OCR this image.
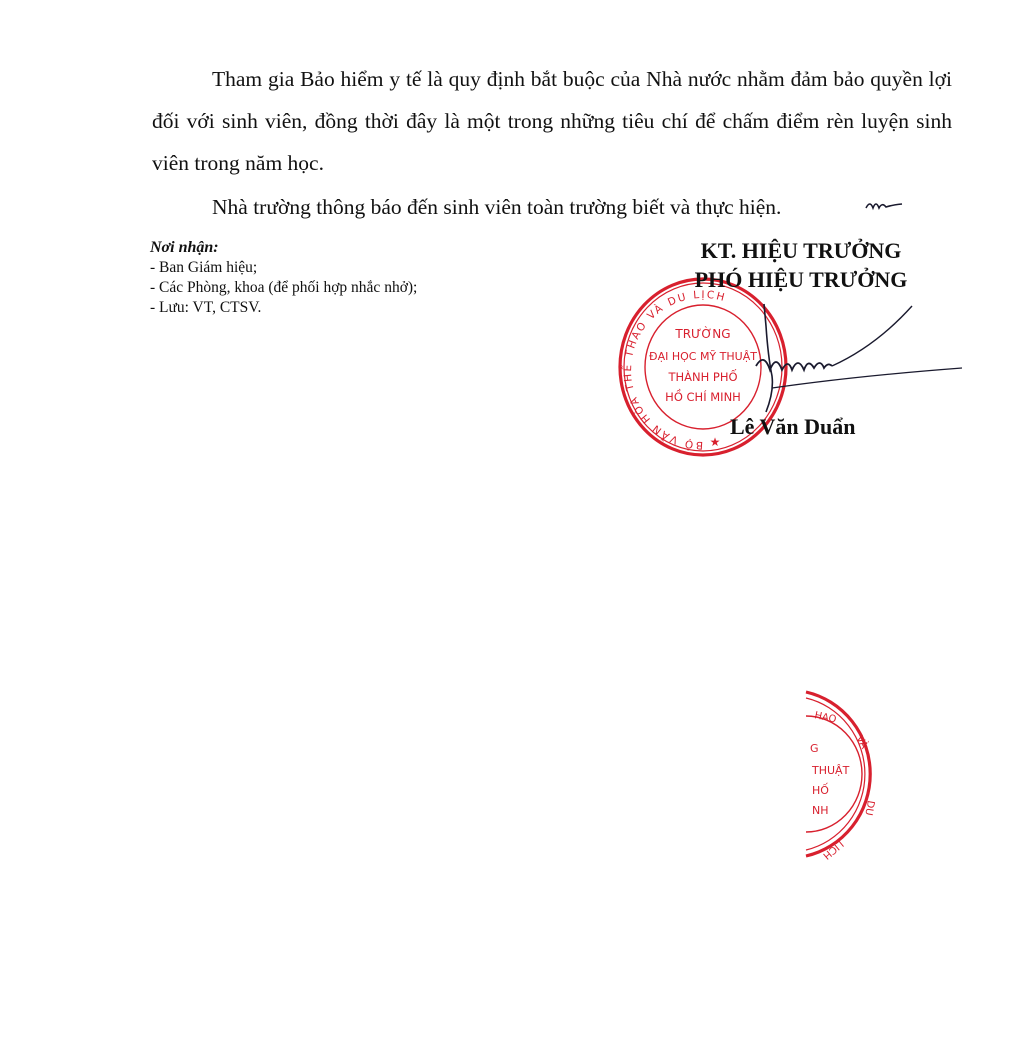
Tham gia Bảo hiểm y tế là quy định bắt buộc của Nhà nước nhằm đảm bảo quyền lợi đối với sinh viên, đồng thời đây là một trong những tiêu chí để chấm điểm rèn luyện sinh viên trong năm học.

Nhà trường thông báo đến sinh viên toàn trường biết và thực hiện.

Nơi nhận:
- Ban Giám hiệu;
- Các Phòng, khoa (để phối hợp nhắc nhở);
- Lưu: VT, CTSV.
BỘ VĂN HÓA THỂ THAO VÀ DU LỊCH
TRƯỜNG
ĐẠI HỌC MỸ THUẬT
THÀNH PHỐ
HỒ CHÍ MINH
★
KT. HIỆU TRƯỞNG
PHÓ HIỆU TRƯỞNG
Lê Văn Duẩn
HAO
VÀ
DU
LỊCH
G
THUẬT
HỐ
NH
